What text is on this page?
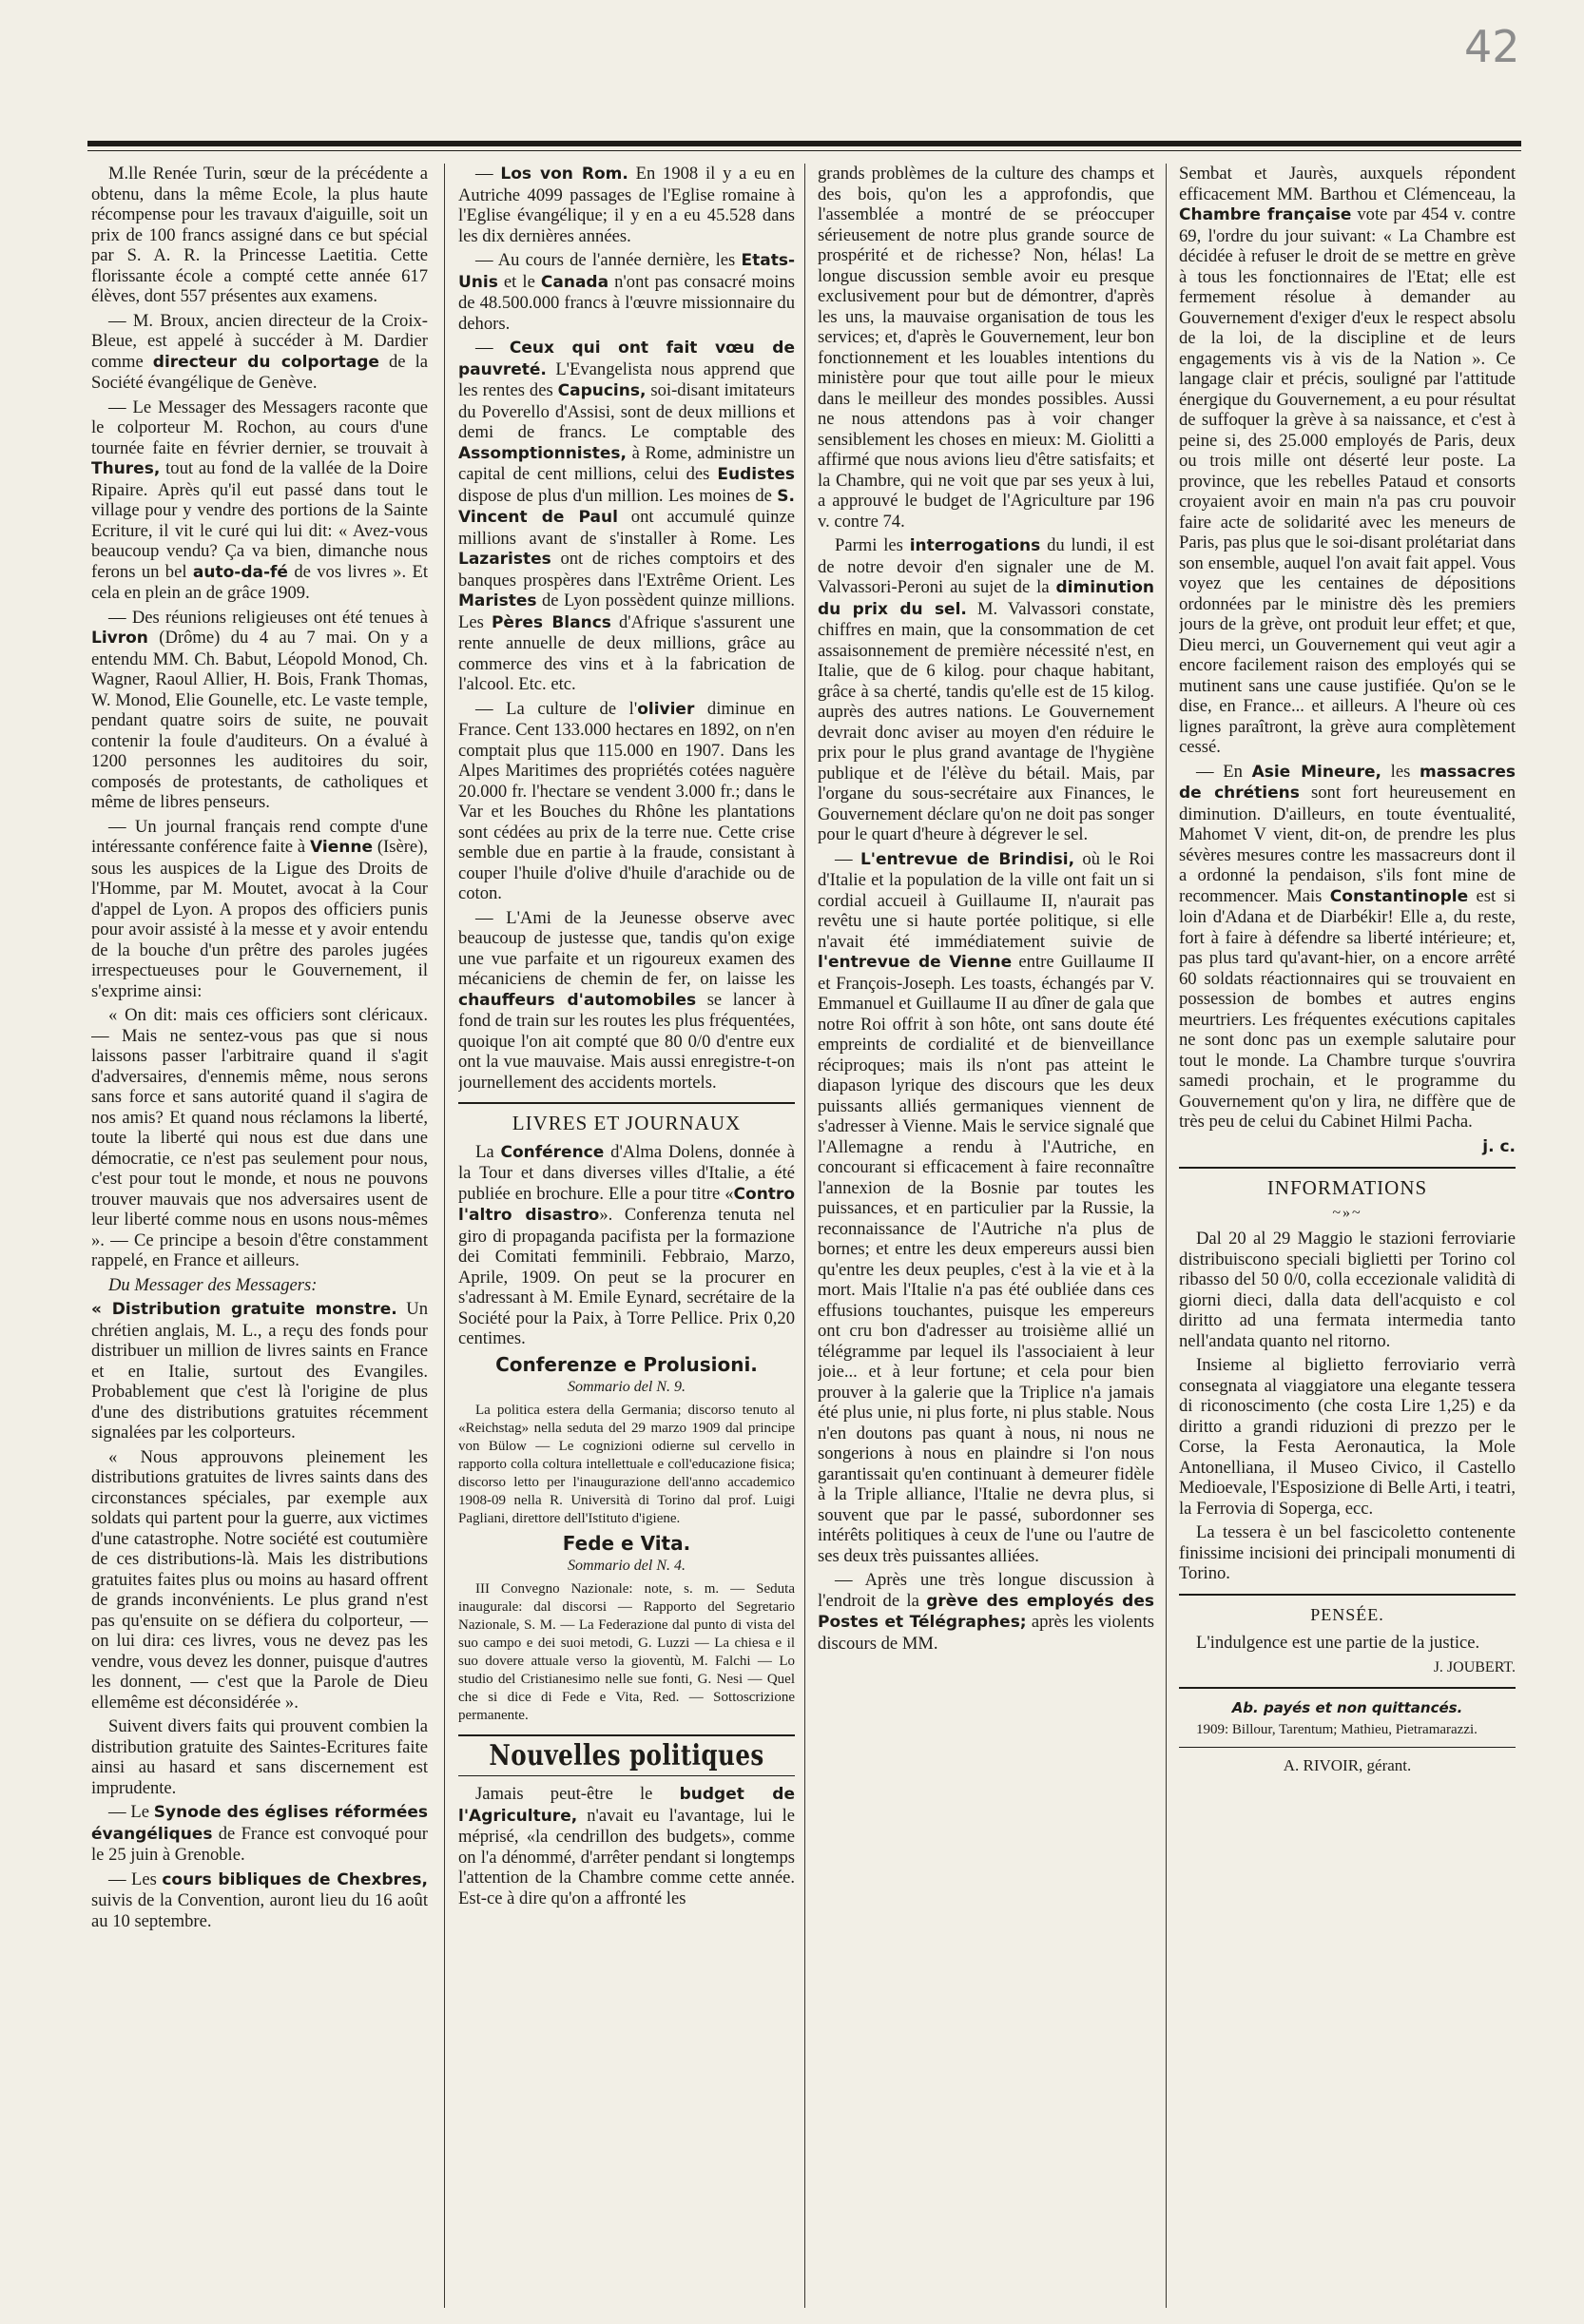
42

M.lle Renée Turin, sœur de la précédente a obtenu, dans la même Ecole, la plus haute récompense pour les travaux d'aiguille, soit un prix de 100 francs assigné dans ce but spécial par S. A. R. la Princesse Laetitia. Cette florissante école a compté cette année 617 élèves, dont 557 présentes aux examens.

— M. Broux, ancien directeur de la Croix-Bleue, est appelé à succéder à M. Dardier comme directeur du colportage de la Société évangélique de Genève.

— Le Messager des Messagers raconte que le colporteur M. Rochon, au cours d'une tournée faite en février dernier, se trouvait à Thures, tout au fond de la vallée de la Doire Ripaire. Après qu'il eut passé dans tout le village pour y vendre des portions de la Sainte Ecriture, il vit le curé qui lui dit: « Avez-vous beaucoup vendu? Ça va bien, dimanche nous ferons un bel auto-da-fé de vos livres ». Et cela en plein an de grâce 1909.

— Des réunions religieuses ont été tenues à Livron (Drôme) du 4 au 7 mai. On y a entendu MM. Ch. Babut, Léopold Monod, Ch. Wagner, Raoul Allier, H. Bois, Frank Thomas, W. Monod, Elie Gounelle, etc. Le vaste temple, pendant quatre soirs de suite, ne pouvait contenir la foule d'auditeurs. On a évalué à 1200 personnes les auditoires du soir, composés de protestants, de catholiques et même de libres penseurs.

— Un journal français rend compte d'une intéressante conférence faite à Vienne (Isère), sous les auspices de la Ligue des Droits de l'Homme, par M. Moutet, avocat à la Cour d'appel de Lyon. A propos des officiers punis pour avoir assisté à la messe et y avoir entendu de la bouche d'un prêtre des paroles jugées irrespectueuses pour le Gouvernement, il s'exprime ainsi:

« On dit: mais ces officiers sont cléricaux. — Mais ne sentez-vous pas que si nous laissons passer l'arbitraire quand il s'agit d'adversaires, d'ennemis même, nous serons sans force et sans autorité quand il s'agira de nos amis? Et quand nous réclamons la liberté, toute la liberté qui nous est due dans une démocratie, ce n'est pas seulement pour nous, c'est pour tout le monde, et nous ne pouvons trouver mauvais que nos adversaires usent de leur liberté comme nous en usons nous-mêmes ». — Ce principe a besoin d'être constamment rappelé, en France et ailleurs.

Du Messager des Messagers:

« Distribution gratuite monstre. Un chrétien anglais, M. L., a reçu des fonds pour distribuer un million de livres saints en France et en Italie, surtout des Evangiles. Probablement que c'est là l'origine de plus d'une des distributions gratuites récemment signalées par les colporteurs.

« Nous approuvons pleinement les distributions gratuites de livres saints dans des circonstances spéciales, par exemple aux soldats qui partent pour la guerre, aux victimes d'une catastrophe. Notre société est coutumière de ces distributions-là. Mais les distributions gratuites faites plus ou moins au hasard offrent de grands inconvénients. Le plus grand n'est pas qu'ensuite on se défiera du colporteur, — on lui dira: ces livres, vous ne devez pas les vendre, vous devez les donner, puisque d'autres les donnent, — c'est que la Parole de Dieu ellemême est déconsidérée ».

Suivent divers faits qui prouvent combien la distribution gratuite des Saintes-Ecritures faite ainsi au hasard et sans discernement est imprudente.

— Le Synode des églises réformées évangéliques de France est convoqué pour le 25 juin à Grenoble.

— Les cours bibliques de Chexbres, suivis de la Convention, auront lieu du 16 août au 10 septembre.

— Los von Rom. En 1908 il y a eu en Autriche 4099 passages de l'Eglise romaine à l'Eglise évangélique; il y en a eu 45.528 dans les dix dernières années.

— Au cours de l'année dernière, les Etats-Unis et le Canada n'ont pas consacré moins de 48.500.000 francs à l'œuvre missionnaire du dehors.

— Ceux qui ont fait vœu de pauvreté. L'Evangelista nous apprend que les rentes des Capucins, soi-disant imitateurs du Poverello d'Assisi, sont de deux millions et demi de francs. Le comptable des Assomptionnistes, à Rome, administre un capital de cent millions, celui des Eudistes dispose de plus d'un million. Les moines de S. Vincent de Paul ont accumulé quinze millions avant de s'installer à Rome. Les Lazaristes ont de riches comptoirs et des banques prospères dans l'Extrême Orient. Les Maristes de Lyon possèdent quinze millions. Les Pères Blancs d'Afrique s'assurent une rente annuelle de deux millions, grâce au commerce des vins et à la fabrication de l'alcool. Etc. etc.

— La culture de l'olivier diminue en France. Cent 133.000 hectares en 1892, on n'en comptait plus que 115.000 en 1907. Dans les Alpes Maritimes des propriétés cotées naguère 20.000 fr. l'hectare se vendent 3.000 fr.; dans le Var et les Bouches du Rhône les plantations sont cédées au prix de la terre nue. Cette crise semble due en partie à la fraude, consistant à couper l'huile d'olive d'huile d'arachide ou de coton.

— L'Ami de la Jeunesse observe avec beaucoup de justesse que, tandis qu'on exige une vue parfaite et un rigoureux examen des mécaniciens de chemin de fer, on laisse les chauffeurs d'automobiles se lancer à fond de train sur les routes les plus fréquentées, quoique l'on ait compté que 80 0/0 d'entre eux ont la vue mauvaise. Mais aussi enregistre-t-on journellement des accidents mortels.

LIVRES ET JOURNAUX

La Conférence d'Alma Dolens, donnée à la Tour et dans diverses villes d'Italie, a été publiée en brochure. Elle a pour titre «Contro l'altro disastro». Conferenza tenuta nel giro di propaganda pacifista per la formazione dei Comitati femminili. Febbraio, Marzo, Aprile, 1909. On peut se la procurer en s'adressant à M. Emile Eynard, secrétaire de la Société pour la Paix, à Torre Pellice. Prix 0,20 centimes.

Conferenze e Prolusioni.
Sommario del N. 9.

La politica estera della Germania; discorso tenuto al «Reichstag» nella seduta del 29 marzo 1909 dal principe von Bülow — Le cognizioni odierne sul cervello in rapporto colla coltura intellettuale e coll'educazione fisica; discorso letto per l'inaugurazione dell'anno accademico 1908-09 nella R. Università di Torino dal prof. Luigi Pagliani, direttore dell'Istituto d'igiene.

Fede e Vita.
Sommario del N. 4.

III Convegno Nazionale: note, s. m. — Seduta inaugurale: dal discorsi — Rapporto del Segretario Nazionale, S. M. — La Federazione dal punto di vista del suo campo e dei suoi metodi, G. Luzzi — La chiesa e il suo dovere attuale verso la gioventù, M. Falchi — Lo studio del Cristianesimo nelle sue fonti, G. Nesi — Quel che si dice di Fede e Vita, Red. — Sottoscrizione permanente.

Nouvelles politiques

Jamais peut-être le budget de l'Agriculture, n'avait eu l'avantage, lui le méprisé, «la cendrillon des budgets», comme on l'a dénommé, d'arrêter pendant si longtemps l'attention de la Chambre comme cette année. Est-ce à dire qu'on a affronté les

grands problèmes de la culture des champs et des bois, qu'on les a approfondis, que l'assemblée a montré de se préoccuper sérieusement de notre plus grande source de prospérité et de richesse? Non, hélas! La longue discussion semble avoir eu presque exclusivement pour but de démontrer, d'après les uns, la mauvaise organisation de tous les services; et, d'après le Gouvernement, leur bon fonctionnement et les louables intentions du ministère pour que tout aille pour le mieux dans le meilleur des mondes possibles. Aussi ne nous attendons pas à voir changer sensiblement les choses en mieux: M. Giolitti a affirmé que nous avions lieu d'être satisfaits; et la Chambre, qui ne voit que par ses yeux à lui, a approuvé le budget de l'Agriculture par 196 v. contre 74.

Parmi les interrogations du lundi, il est de notre devoir d'en signaler une de M. Valvassori-Peroni au sujet de la diminution du prix du sel. M. Valvassori constate, chiffres en main, que la consommation de cet assaisonnement de première nécessité n'est, en Italie, que de 6 kilog. pour chaque habitant, grâce à sa cherté, tandis qu'elle est de 15 kilog. auprès des autres nations. Le Gouvernement devrait donc aviser au moyen d'en réduire le prix pour le plus grand avantage de l'hygiène publique et de l'élève du bétail. Mais, par l'organe du sous-secrétaire aux Finances, le Gouvernement déclare qu'on ne doit pas songer pour le quart d'heure à dégrever le sel.

— L'entrevue de Brindisi, où le Roi d'Italie et la population de la ville ont fait un si cordial accueil à Guillaume II, n'aurait pas revêtu une si haute portée politique, si elle n'avait été immédiatement suivie de l'entrevue de Vienne entre Guillaume II et François-Joseph. Les toasts, échangés par V. Emmanuel et Guillaume II au dîner de gala que notre Roi offrit à son hôte, ont sans doute été empreints de cordialité et de bienveillance réciproques; mais ils n'ont pas atteint le diapason lyrique des discours que les deux puissants alliés germaniques viennent de s'adresser à Vienne. Mais le service signalé que l'Allemagne a rendu à l'Autriche, en concourant si efficacement à faire reconnaître l'annexion de la Bosnie par toutes les puissances, et en particulier par la Russie, la reconnaissance de l'Autriche n'a plus de bornes; et entre les deux empereurs aussi bien qu'entre les deux peuples, c'est à la vie et à la mort. Mais l'Italie n'a pas été oubliée dans ces effusions touchantes, puisque les empereurs ont cru bon d'adresser au troisième allié un télégramme par lequel ils l'associaient à leur joie... et à leur fortune; et cela pour bien prouver à la galerie que la Triplice n'a jamais été plus unie, ni plus forte, ni plus stable. Nous n'en doutons pas quant à nous, ni nous ne songerions à nous en plaindre si l'on nous garantissait qu'en continuant à demeurer fidèle à la Triple alliance, l'Italie ne devra plus, si souvent que par le passé, subordonner ses intérêts politiques à ceux de l'une ou l'autre de ses deux très puissantes alliées.

— Après une très longue discussion à l'endroit de la grève des employés des Postes et Télégraphes; après les violents discours de MM.

Sembat et Jaurès, auxquels répondent efficacement MM. Barthou et Clémenceau, la Chambre française vote par 454 v. contre 69, l'ordre du jour suivant: « La Chambre est décidée à refuser le droit de se mettre en grève à tous les fonctionnaires de l'Etat; elle est fermement résolue à demander au Gouvernement d'exiger d'eux le respect absolu de la loi, de la discipline et de leurs engagements vis à vis de la Nation ». Ce langage clair et précis, souligné par l'attitude énergique du Gouvernement, a eu pour résultat de suffoquer la grève à sa naissance, et c'est à peine si, des 25.000 employés de Paris, deux ou trois mille ont déserté leur poste. La province, que les rebelles Pataud et consorts croyaient avoir en main n'a pas cru pouvoir faire acte de solidarité avec les meneurs de Paris, pas plus que le soi-disant prolétariat dans son ensemble, auquel l'on avait fait appel. Vous voyez que les centaines de dépositions ordonnées par le ministre dès les premiers jours de la grève, ont produit leur effet; et que, Dieu merci, un Gouvernement qui veut agir a encore facilement raison des employés qui se mutinent sans une cause justifiée. Qu'on se le dise, en France... et ailleurs. A l'heure où ces lignes paraîtront, la grève aura complètement cessé.

— En Asie Mineure, les massacres de chrétiens sont fort heureusement en diminution. D'ailleurs, en toute éventualité, Mahomet V vient, dit-on, de prendre les plus sévères mesures contre les massacreurs dont il a ordonné la pendaison, s'ils font mine de recommencer. Mais Constantinople est si loin d'Adana et de Diarbékir! Elle a, du reste, fort à faire à défendre sa liberté intérieure; et, pas plus tard qu'avant-hier, on a encore arrêté 60 soldats réactionnaires qui se trouvaient en possession de bombes et autres engins meurtriers. Les fréquentes exécutions capitales ne sont donc pas un exemple salutaire pour tout le monde. La Chambre turque s'ouvrira samedi prochain, et le programme du Gouvernement qu'on y lira, ne diffère que de très peu de celui du Cabinet Hilmi Pacha.

j. c.
INFORMATIONS
~»~

Dal 20 al 29 Maggio le stazioni ferroviarie distribuiscono speciali biglietti per Torino col ribasso del 50 0/0, colla eccezionale validità di giorni dieci, dalla data dell'acquisto e col diritto ad una fermata intermedia tanto nell'andata quanto nel ritorno.

Insieme al biglietto ferroviario verrà consegnata al viaggiatore una elegante tessera di riconoscimento (che costa Lire 1,25) e da diritto a grandi riduzioni di prezzo per le Corse, la Festa Aeronautica, la Mole Antonelliana, il Museo Civico, il Castello Medioevale, l'Esposizione di Belle Arti, i teatri, la Ferrovia di Soperga, ecc.

La tessera è un bel fascicoletto contenente finissime incisioni dei principali monumenti di Torino.

PENSÉE.

L'indulgence est une partie de la justice.

J. JOUBERT.
Ab. payés et non quittancés.

1909: Billour, Tarentum; Mathieu, Pietramarazzi.

A. RIVOIR, gérant.
